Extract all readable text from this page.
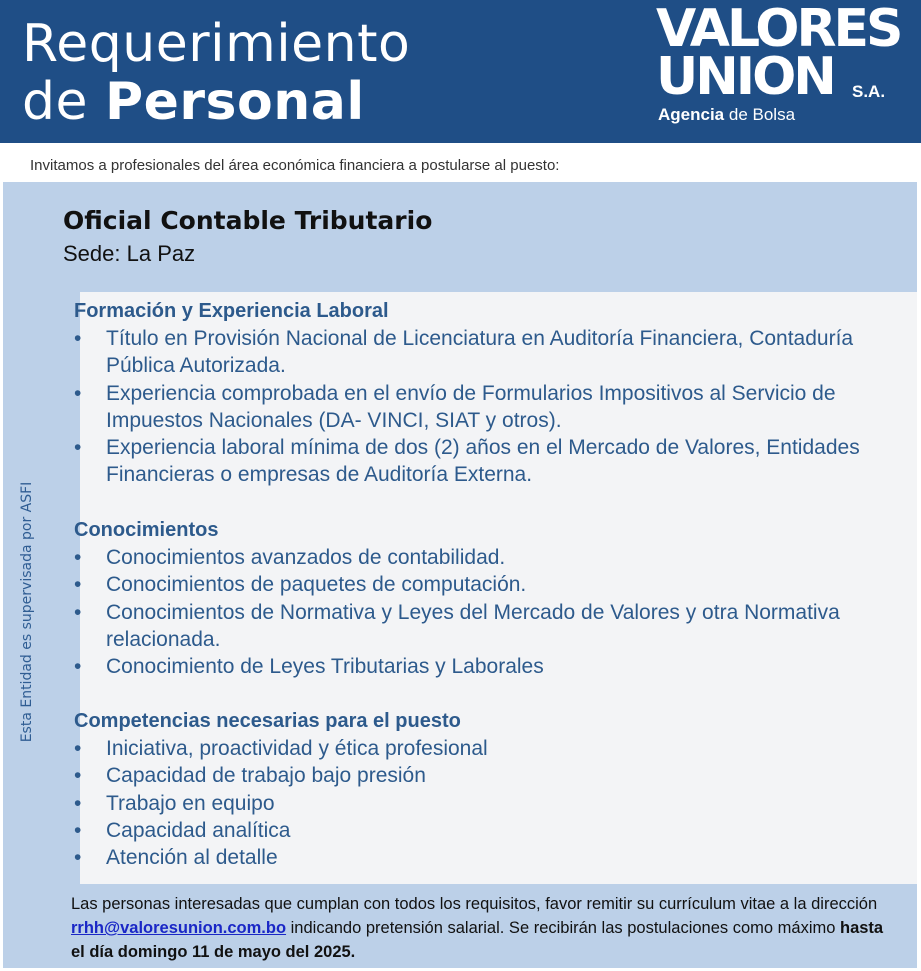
Requerimiento
de Personal
VALORES
UNION S.A.
Agencia de Bolsa
Invitamos a profesionales del área económica financiera a postularse al puesto:
Oficial Contable Tributario
Sede: La Paz
Esta Entidad es supervisada por ASFI
Formación y Experiencia Laboral
• Título en Provisión Nacional de Licenciatura en Auditoría Financiera, Contaduría Pública Autorizada.
• Experiencia comprobada en el envío de Formularios Impositivos al Servicio de Impuestos Nacionales (DA- VINCI, SIAT y otros).
• Experiencia laboral mínima de dos (2) años en el Mercado de Valores, Entidades Financieras o empresas de Auditoría Externa.
Conocimientos
• Conocimientos avanzados de contabilidad.
• Conocimientos de paquetes de computación.
• Conocimientos de Normativa y Leyes del Mercado de Valores y otra Normativa relacionada.
• Conocimiento de Leyes Tributarias y Laborales
Competencias necesarias para el puesto
• Iniciativa, proactividad y ética profesional
• Capacidad de trabajo bajo presión
• Trabajo en equipo
• Capacidad analítica
• Atención al detalle
Las personas interesadas que cumplan con todos los requisitos, favor remitir su currículum vitae a la dirección rrhh@valoresunion.com.bo indicando pretensión salarial. Se recibirán las postulaciones como máximo hasta el día domingo 11 de mayo del 2025.
